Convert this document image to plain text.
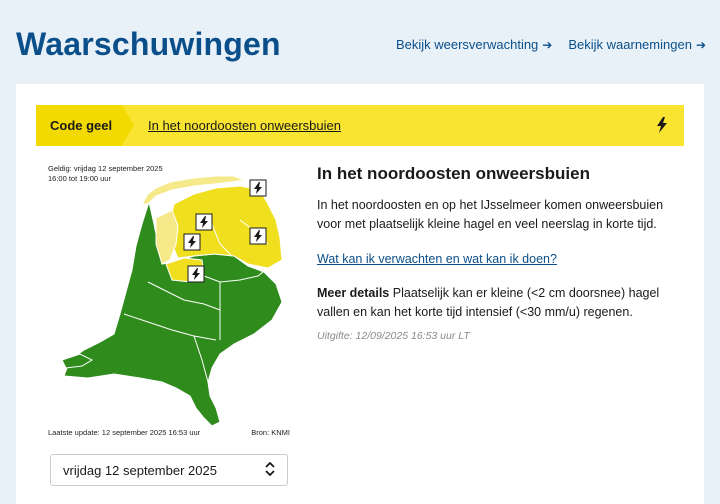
Waarschuwingen	Bekijk weersverwachting ➔ Bekijk waarnemingen ➔
Code geel	In het noordoosten onweersbuien
Geldig: vrijdag 12 september 2025
16:00 tot 19:00 uur
Laatste update: 12 september 2025 16:53 uur	Bron: KNMI
vrijdag 12 september 2025
In het noordoosten onweersbuien

In het noordoosten en op het IJsselmeer komen onweersbuien voor met plaatselijk kleine hagel en veel neerslag in korte tijd.

Wat kan ik verwachten en wat kan ik doen?

Meer details Plaatselijk kan er kleine (<2 cm doorsnee) hagel vallen en kan het korte tijd intensief (<30 mm/u) regenen.

Uitgifte: 12/09/2025 16:53 uur LT
